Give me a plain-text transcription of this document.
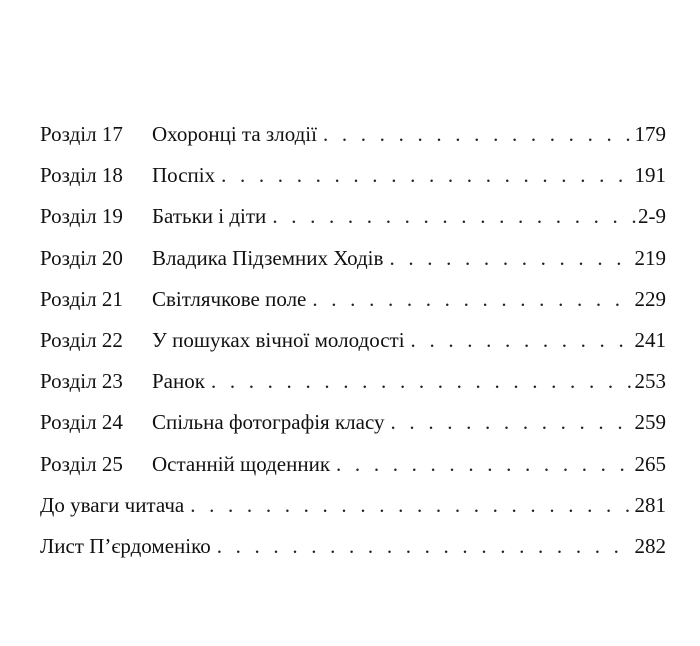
Розділ 17	Охоронці та злодії . . .	179
Розділ 18	Поспіх . . .	191
Розділ 19	Батьки і діти . . .	2-9
Розділ 20	Владика Підземних Ходів . . .	219
Розділ 21	Світлячкове поле . . .	229
Розділ 22	У пошуках вічної молодості . . .	241
Розділ 23	Ранок . . .	253
Розділ 24	Спільна фотографія класу . . .	259
Розділ 25	Останній щоденник . . .	265
До уваги читача . . .	281
Лист П’єрдоменіко . . .	282
